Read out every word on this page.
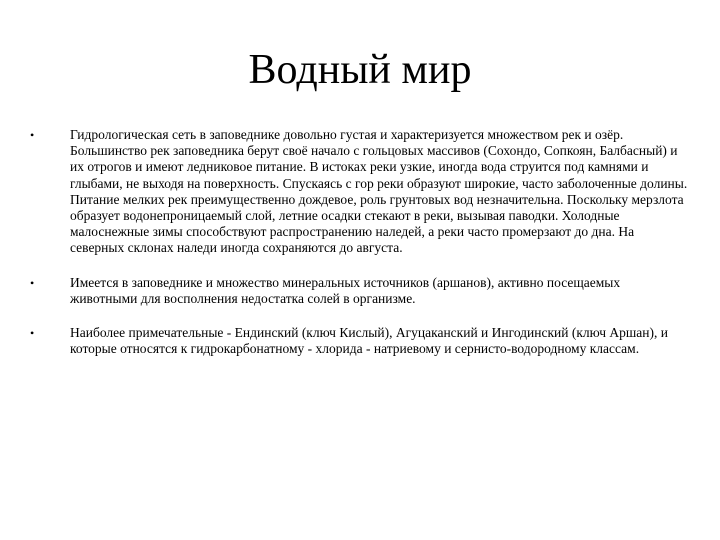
Водный мир
•	Гидрологическая сеть в заповеднике довольно густая и характеризуется множеством рек и озёр. Большинство рек заповедника берут своё начало с гольцовых массивов (Сохондо, Сопкоян, Балбасный) и их отрогов и имеют ледниковое питание. В истоках реки узкие, иногда вода струится под камнями и глыбами, не выходя на поверхность. Спускаясь с гор реки образуют широкие, часто заболоченные долины. Питание мелких рек преимущественно дождевое, роль грунтовых вод незначительна. Поскольку мерзлота образует водонепроницаемый слой, летние осадки стекают в реки, вызывая паводки. Холодные малоснежные зимы способствуют распространению наледей, а реки часто промерзают до дна. На северных склонах наледи иногда сохраняются до августа.
•	Имеется в заповеднике и множество минеральных источников (аршанов), активно посещаемых животными для восполнения недостатка солей в организме.
•	Наиболее примечательные - Ендинский (ключ Кислый), Агуцаканский и Ингодинский (ключ Аршан), и которые относятся к гидрокарбонатному - хлорида - натриевому и сернисто-водородному классам.
